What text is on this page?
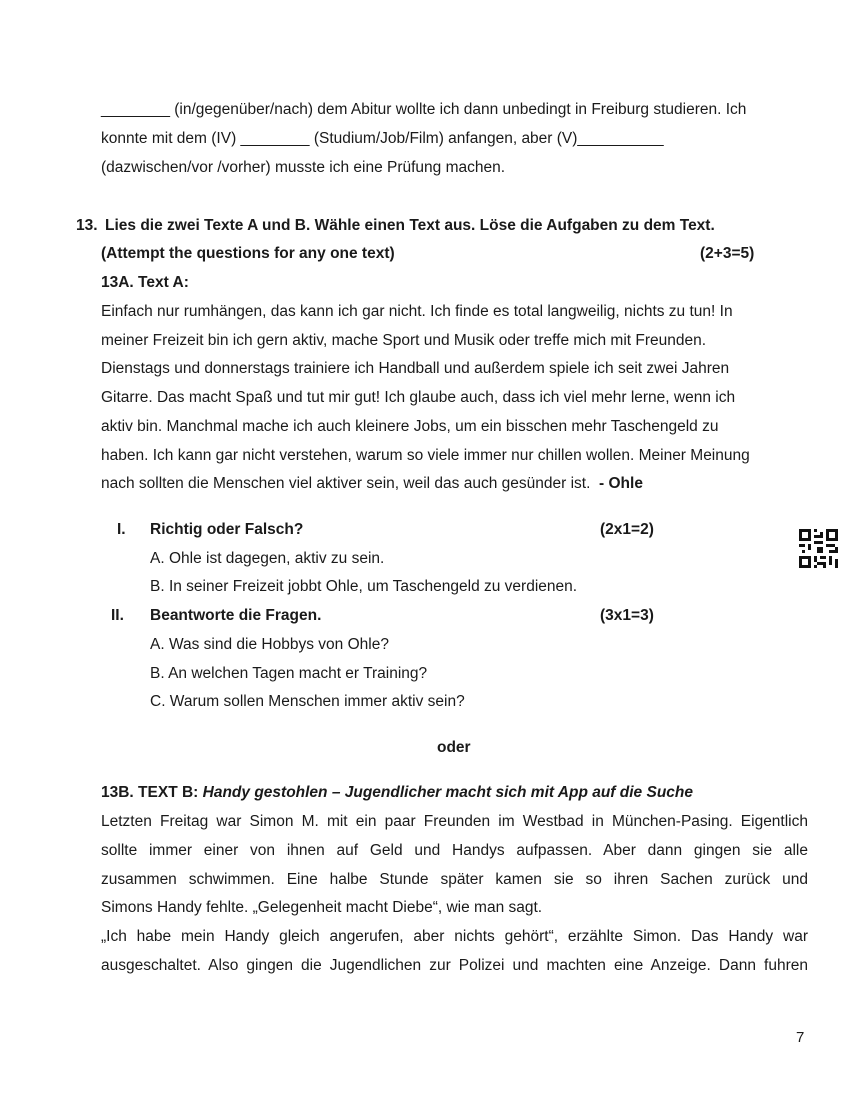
________ (in/gegenüber/nach) dem Abitur wollte ich dann unbedingt in Freiburg studieren. Ich
konnte mit dem (IV) ________ (Studium/Job/Film) anfangen, aber (V)__________
(dazwischen/vor /vorher) musste ich eine Prüfung machen.
13. Lies die zwei Texte A und B. Wähle einen Text aus. Löse die Aufgaben zu dem Text.
(Attempt the questions for any one text)	(2+3=5)
13A. Text A:
Einfach nur rumhängen, das kann ich gar nicht. Ich finde es total langweilig, nichts zu tun! In
meiner Freizeit bin ich gern aktiv, mache Sport und Musik oder treffe mich mit Freunden.
Dienstags und donnerstags trainiere ich Handball und außerdem spiele ich seit zwei Jahren
Gitarre. Das macht Spaß und tut mir gut! Ich glaube auch, dass ich viel mehr lerne, wenn ich
aktiv bin. Manchmal mache ich auch kleinere Jobs, um ein bisschen mehr Taschengeld zu
haben. Ich kann gar nicht verstehen, warum so viele immer nur chillen wollen. Meiner Meinung
nach sollten die Menschen viel aktiver sein, weil das auch gesünder ist. - Ohle
I. Richtig oder Falsch?	(2x1=2)
A. Ohle ist dagegen, aktiv zu sein.
B. In seiner Freizeit jobbt Ohle, um Taschengeld zu verdienen.
II. Beantworte die Fragen.	(3x1=3)
A. Was sind die Hobbys von Ohle?
B. An welchen Tagen macht er Training?
C. Warum sollen Menschen immer aktiv sein?
oder
13B. TEXT B: Handy gestohlen – Jugendlicher macht sich mit App auf die Suche
Letzten Freitag war Simon M. mit ein paar Freunden im Westbad in München-Pasing. Eigentlich
sollte immer einer von ihnen auf Geld und Handys aufpassen. Aber dann gingen sie alle
zusammen schwimmen. Eine halbe Stunde später kamen sie so ihren Sachen zurück und
Simons Handy fehlte. „Gelegenheit macht Diebe“, wie man sagt.
„Ich habe mein Handy gleich angerufen, aber nichts gehört“, erzählte Simon. Das Handy war
ausgeschaltet. Also gingen die Jugendlichen zur Polizei und machten eine Anzeige. Dann fuhren
7
